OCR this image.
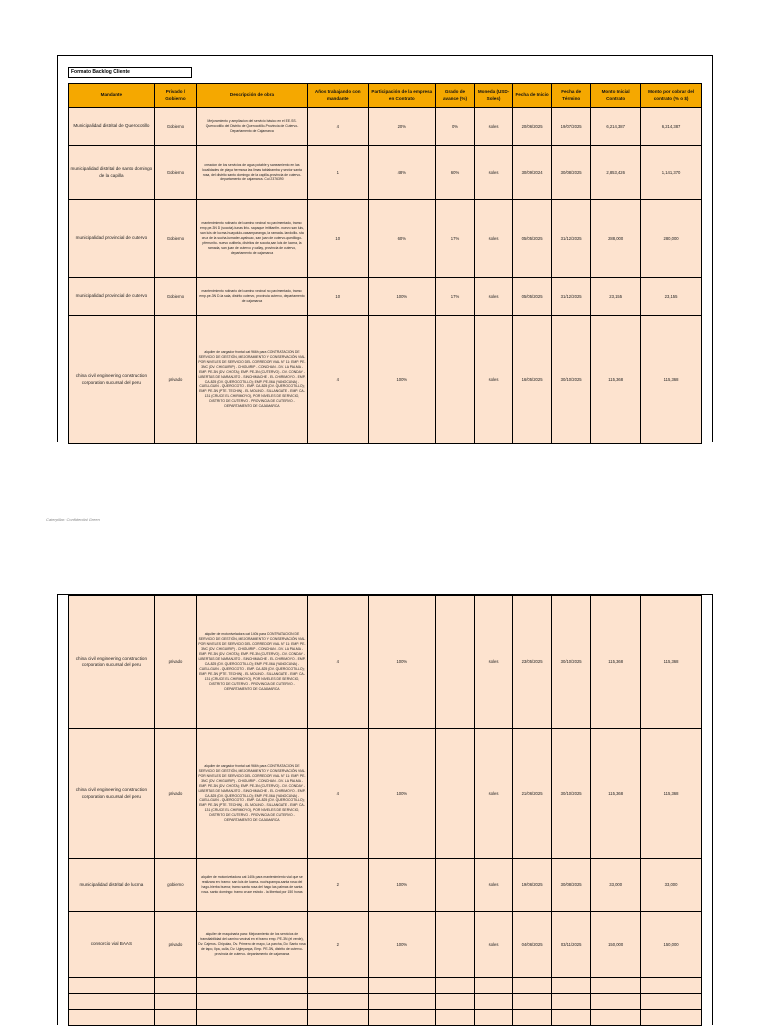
Formato Backlog Cliente
Mandante	Privado / Gobierno	Descripción de obra	Años trabajando con mandante	Participación de la empresa en Contrato	Grado de avance (%)	Moneda (USD-Soles)	Fecha de Inicio	Fecha de Término	Monto Inicial Contrato	Monto por cobrar del contrato (% o $)
Municipalidad distrital de Querocotillo	Gobierno	Mejoramiento y ampliacion del servicio básico en el EE.SS. Querocotillo del Distrito de Querocotillo-Provincia de Cutervo-Departamento de Cajamarca	4	20%	0%	soles	20/06/2025	19/07/2025	6,214,387	6,214,387
municipalidad distrital de santo domingo de la capilla	Gobierno	creacion de los servicios de agua potable y saneamiento en las localidades de playa hermosa las limas tablabamba y sector santa rosa, del distrito santo domingo de la capilla-provincia de cutervo- departamento de cajamarca. Cui 2376390	1	48%	60%	soles	30/09/2024	30/08/2025	2,853,426	1,141,370
municipalidad provincial de cutervo	Gobierno	mantenimiento rutinario del camino vecinal no pavimentado, tramo: emp.pe-3N D (socota)-tunas lirio- sapaque irrititanfirr- nuevo san luis, san luis de lucma-huayululo-casamparanga, la ramada- landoillo- sta cruz de la sucha-lumader-ayahuac, san juan de cutervo-quedllogo- pferrunito- nuevo cutibela, distritos de socota,san luis de lucma, la ramada, san juan de cutervo y callay, provincia de cutervo, departamento de cajamarca	10	60%	17%	soles	05/05/2025	31/12/2025	288,000	280,000
municipalidad provincial de cutervo	Gobierno	mantenimiento rutinario del camino vecinal no pavimentado, tramo: emp.pe-3N D-la sala, distrito cutervo, provincia cutervo, departamento de cajamarca	10	100%	17%	soles	05/05/2025	31/12/2025	23,155	23,155
china civil engineering construction corporation sucursal del peru	privado	alquiler de cargador frontal cat 966h para CONTRATACION DE SERVICIO DE GESTIÓN, MEJORAMIENTO Y CONSERVACIÓN VIAL POR NIVELES DE SERVICIO DEL CORREDOR VIAL N° 11: EMP. PE-3NC (DV. CHIGUIRIP) - CHIGUIRIP - CONCHAN - DV. LA PALMA - EMP. PE-3N (DV. CHOTA); EMP. PE-3N (CUTERVO) - DV. CONDAY - LIBERTAS DE NARANJITO - SINCHIMACHE - EL CHIRIMOYO - EMP. CA-825 (DV. QUEROCOTILLO); EMP. PE-06A (YANOCUNA) - CUELLGUIN - QUEROCOTO - EMP. CA-825 (DV. QUEROCOTILLO); EMP. PE-3N (PTE. TECHIN) - EL MOLINO - SILLANGATE - EMP. CA-131 (CRUCE EL CHIRIMOYO), POR NIVELES DE SERVICIO, DISTRITO DE CUTERVO - PROVINCIA DE CUTERVO - DEPARTAMENTO DE CAJAMARCA	4	100%		soles	16/05/2025	30/10/2025	115,368	115,368
Caterpillar: Confidential Green
china civil engineering construction corporation sucursal del peru	privado	alquiler de motoniveladora cat 140k para CONTRATACION DE SERVICIO DE GESTIÓN, MEJORAMIENTO Y CONSERVACIÓN VIAL POR NIVELES DE SERVICIO DEL CORREDOR VIAL N° 11: EMP. PE-3NC (DV. CHIGUIRIP) - CHIGUIRIP - CONCHAN - DV. LA PALMA - EMP. PE-3N (DV. CHOTA); EMP. PE-3N (CUTERVO) - DV. CONDAY - LIBERTAS DE NARANJITO - SINCHIMACHE - EL CHIRIMOYO - EMP. CA-825 (DV. QUEROCOTILLO); EMP. PE-06A (YANOCUNA) - CUELLGUIN - QUEROCOTO - EMP. CA-825 (DV. QUEROCOTILLO); EMP. PE-3N (PTE. TECHIN) - EL MOLINO - SILLANGATE - EMP. CA-131 (CRUCE EL CHIRIMOYO), POR NIVELES DE SERVICIO, DISTRITO DE CUTERVO - PROVINCIA DE CUTERVO - DEPARTAMENTO DE CAJAMARCA	4	100%		soles	23/05/2025	30/10/2025	115,368	115,368
china civil engineering construction corporation sucursal del peru	privado	alquiler de cargador frontal cat 966h para CONTRATACION DE SERVICIO DE GESTIÓN, MEJORAMIENTO Y CONSERVACIÓN VIAL POR NIVELES DE SERVICIO DEL CORREDOR VIAL N° 11: EMP. PE-3NC (DV. CHIGUIRIP) - CHIGUIRIP - CONCHAN - DV. LA PALMA - EMP. PE-3N (DV. CHOTA); EMP. PE-3N (CUTERVO) - DV. CONDAY - LIBERTAS DE NARANJITO - SINCHIMACHE - EL CHIRIMOYO - EMP. CA-825 (DV. QUEROCOTILLO); EMP. PE-06A (YANOCUNA) - CUELLGUIN - QUEROCOTO - EMP. CA-825 (DV. QUEROCOTILLO); EMP. PE-3N (PTE. TECHIN) - EL MOLINO - SILLANGATE - EMP. CA-131 (CRUCE EL CHIRIMOYO), POR NIVELES DE SERVICIO, DISTRITO DE CUTERVO - PROVINCIA DE CUTERVO - DEPARTAMENTO DE CAJAMARCA	4	100%		soles	21/06/2025	30/10/2025	115,368	115,368
municipalidad distrital de lucma	gobierno	alquiler de motoniveladora cat 140k para mantenimiento vial que se realizara en: tramo: san luis de lucma- nuchupampa-santa rosa del hago-hierba buena; tramo santa rosa del hago las palmas de santa rosa- santo domingo: tramo cruce esbolo - la libertad por 150 horas	2	100%		soles	19/06/2025	30/08/2025	33,000	33,000
consorcio vial BAAS	privado	alquiler de maquinaria para: Mejoramiento de los servicios de transitabilidad del camino vecinal en el tramo emp. PE-3N (el verde), Dv. Cajeros- Chipulao, Dv. Primero de mayo, La parcha, Dv. Santo rosa de tapo, Ilpa, culla, Dv. Ugleyanpa, Emp. PE-3N, distrito de cutervo- provincia de cutervo- departamento de cajamarca	2	100%		soles	04/06/2025	03/11/2025	150,000	150,000
